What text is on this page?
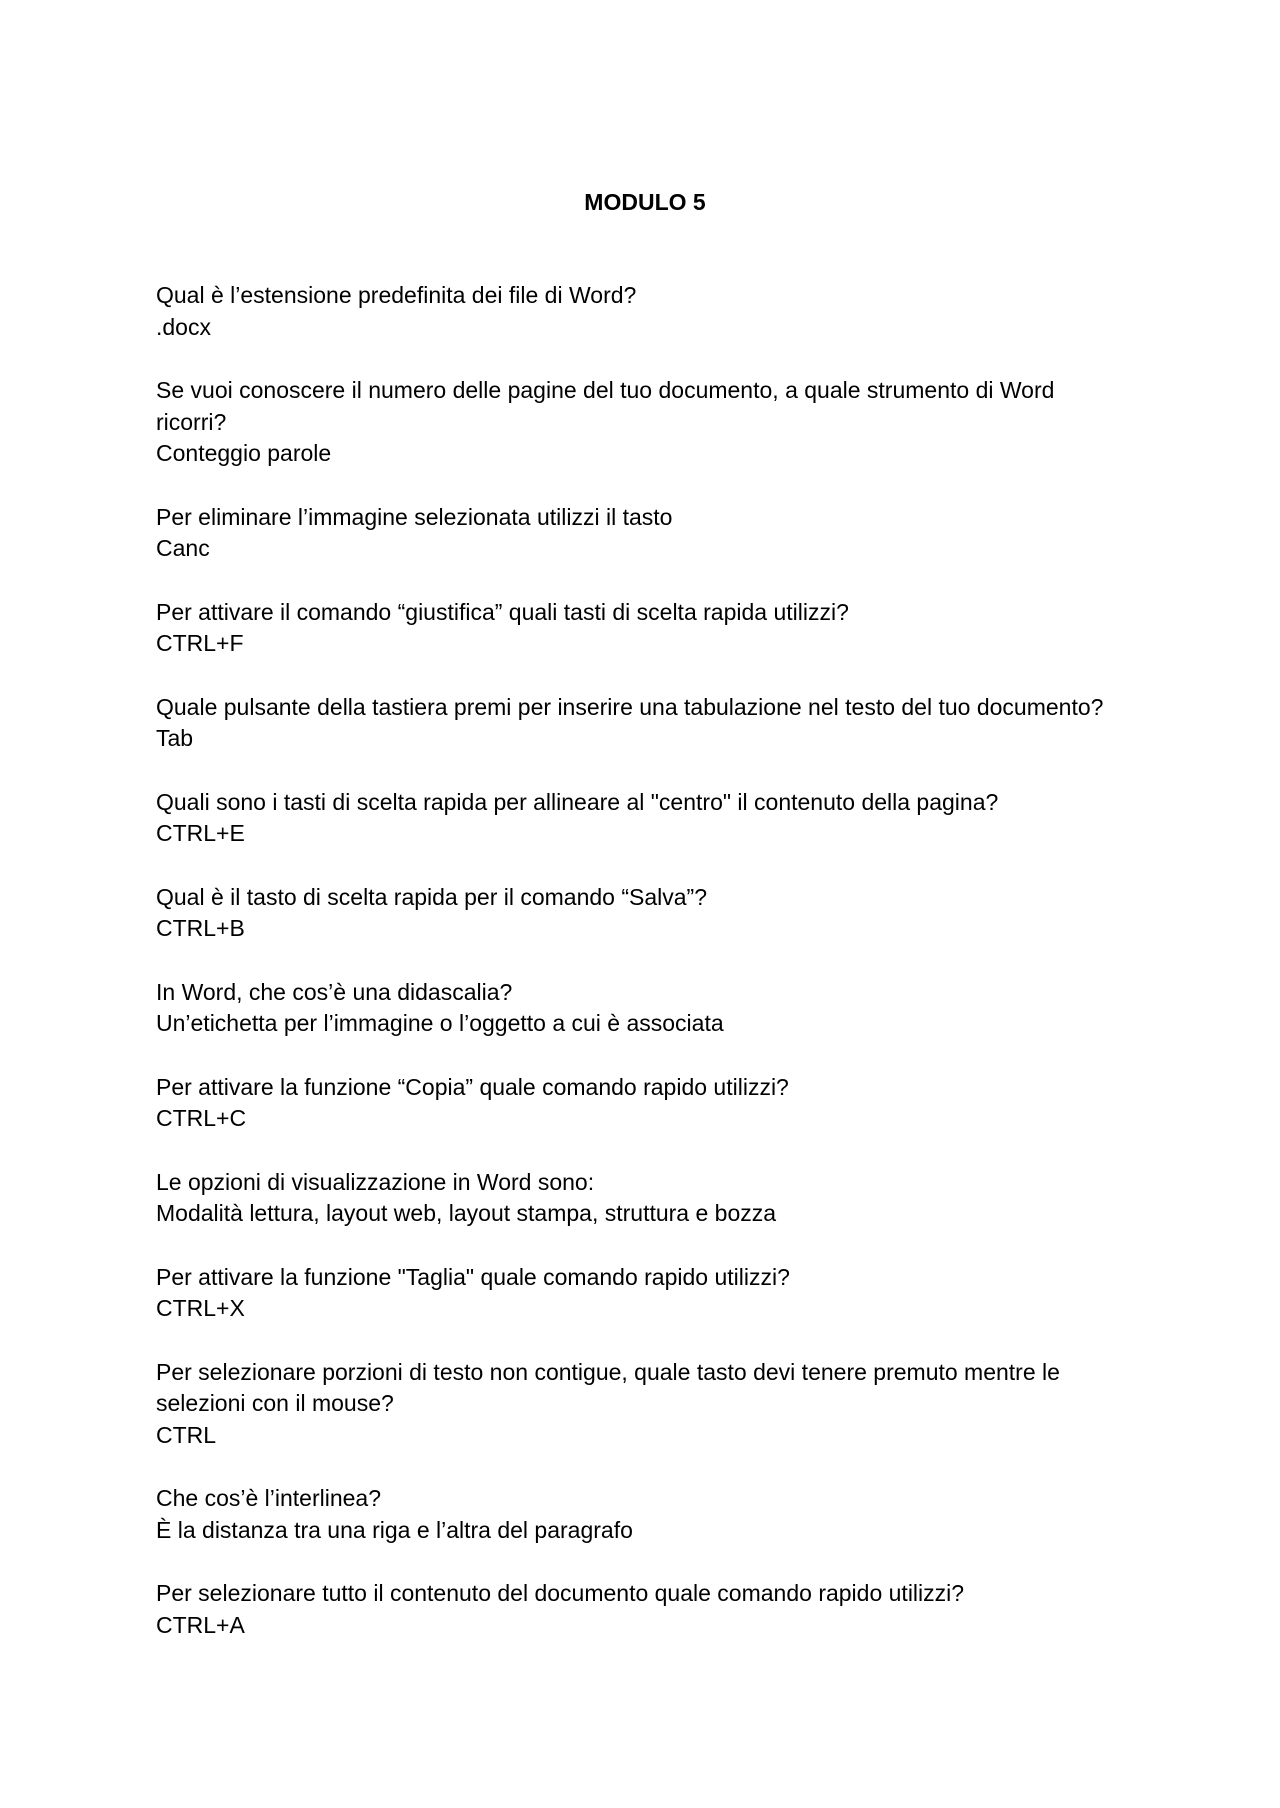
MODULO 5
Qual è l’estensione predefinita dei file di Word?
.docx
Se vuoi conoscere il numero delle pagine del tuo documento, a quale strumento di Word ricorri?
Conteggio parole
Per eliminare l’immagine selezionata utilizzi il tasto
Canc
Per attivare il comando “giustifica” quali tasti di scelta rapida utilizzi?
CTRL+F
Quale pulsante della tastiera premi per inserire una tabulazione nel testo del tuo documento?
Tab
Quali sono i tasti di scelta rapida per allineare al "centro" il contenuto della pagina?
CTRL+E
Qual è il tasto di scelta rapida per il comando “Salva”?
CTRL+B
In Word, che cos’è una didascalia?
Un’etichetta per l’immagine o l’oggetto a cui è associata
Per attivare la funzione “Copia” quale comando rapido utilizzi?
CTRL+C
Le opzioni di visualizzazione in Word sono:
Modalità lettura, layout web, layout stampa, struttura e bozza
Per attivare la funzione "Taglia" quale comando rapido utilizzi?
CTRL+X
Per selezionare porzioni di testo non contigue, quale tasto devi tenere premuto mentre le selezioni con il mouse?
CTRL
Che cos’è l’interlinea?
È la distanza tra una riga e l’altra del paragrafo
Per selezionare tutto il contenuto del documento quale comando rapido utilizzi?
CTRL+A
